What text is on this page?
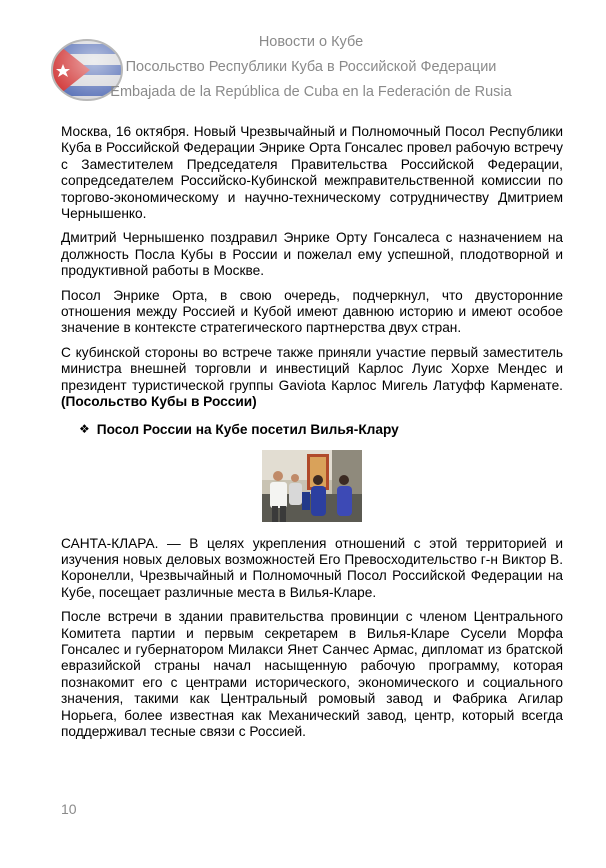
Новости о Кубе
Посольство Республики Куба в Российской Федерации
Embajada de la República de Cuba en la Federación de Rusia

Москва, 16 октября. Новый Чрезвычайный и Полномочный Посол Республики Куба в Российской Федерации Энрике Орта Гонсалес провел рабочую встречу с Заместителем Председателя Правительства Российской Федерации, сопредседателем Российско-Кубинской межправительственной комиссии по торгово-экономическому и научно-техническому сотрудничеству Дмитрием Чернышенко.

Дмитрий Чернышенко поздравил Энрике Орту Гонсалеса с назначением на должность Посла Кубы в России и пожелал ему успешной, плодотворной и продуктивной работы в Москве.

Посол Энрике Орта, в свою очередь, подчеркнул, что двусторонние отношения между Россией и Кубой имеют давнюю историю и имеют особое значение в контексте стратегического партнерства двух стран.

С кубинской стороны во встрече также приняли участие первый заместитель министра внешней торговли и инвестиций Карлос Луис Хорхе Мендес и президент туристической группы Gaviota Карлос Мигель Латуфф Карменате. (Посольство Кубы в России)

❖ Посол России на Кубе посетил Вилья-Клару

САНТА-КЛАРА. — В целях укрепления отношений с этой территорией и изучения новых деловых возможностей Его Превосходительство г-н Виктор В. Коронелли, Чрезвычайный и Полномочный Посол Российской Федерации на Кубе, посещает различные места в Вилья-Кларе.

После встречи в здании правительства провинции с членом Центрального Комитета партии и первым секретарем в Вилья-Кларе Сусели Морфа Гонсалес и губернатором Милакси Янет Санчес Армас, дипломат из братской евразийской страны начал насыщенную рабочую программу, которая познакомит его с центрами исторического, экономического и социального значения, такими как Центральный ромовый завод и Фабрика Агилар Норьега, более известная как Механический завод, центр, который всегда поддерживал тесные связи с Россией.

10
